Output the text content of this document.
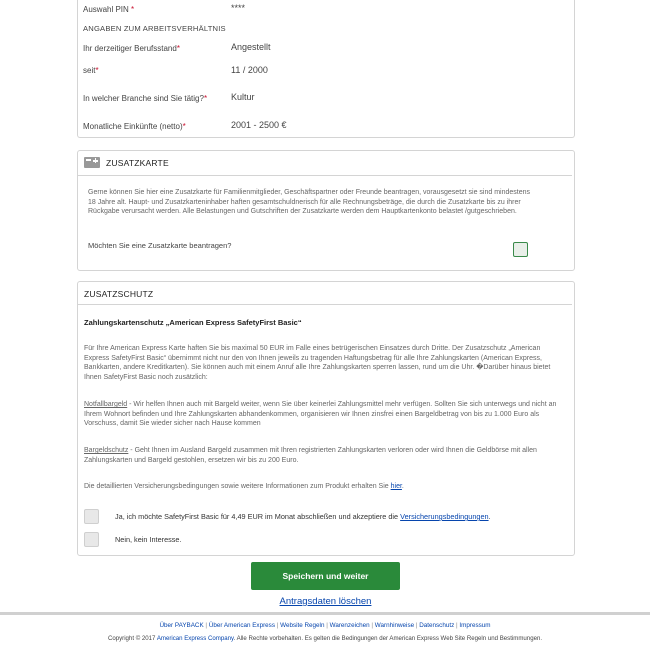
Auswahl PIN *	****
ANGABEN ZUM ARBEITSVERHÄLTNIS
Ihr derzeitiger Berufsstand*	Angestellt
seit*	11 / 2000
In welcher Branche sind Sie tätig?*	Kultur
Monatliche Einkünfte (netto)*	2001 - 2500 €
ZUSATZKARTE
Gerne können Sie hier eine Zusatzkarte für Familienmitglieder, Geschäftspartner oder Freunde beantragen, vorausgesetzt sie sind mindestens 18 Jahre alt. Haupt- und Zusatzkarteninhaber haften gesamtschuldnerisch für alle Rechnungsbeträge, die durch die Zusatzkarte bis zu ihrer Rückgabe verursacht werden. Alle Belastungen und Gutschriften der Zusatzkarte werden dem Hauptkartenkonto belastet /gutgeschrieben.
Möchten Sie eine Zusatzkarte beantragen?
ZUSATZSCHUTZ
Zahlungskartenschutz „American Express SafetyFirst Basic“
Für Ihre American Express Karte haften Sie bis maximal 50 EUR im Falle eines betrügerischen Einsatzes durch Dritte. Der Zusatzschutz „American Express SafetyFirst Basic“ übernimmt nicht nur den von Ihnen jeweils zu tragenden Haftungsbetrag für alle Ihre Zahlungskarten (American Express, Bankkarten, andere Kreditkarten). Sie können auch mit einem Anruf alle Ihre Zahlungskarten sperren lassen, rund um die Uhr. �Darüber hinaus bietet Ihnen SafetyFirst Basic noch zusätzlich:
Notfallbargeld - Wir helfen Ihnen auch mit Bargeld weiter, wenn Sie über keinerlei Zahlungsmittel mehr verfügen. Sollten Sie sich unterwegs und nicht an Ihrem Wohnort befinden und Ihre Zahlungskarten abhandenkommen, organisieren wir Ihnen zinsfrei einen Bargeldbetrag von bis zu 1.000 Euro als Vorschuss, damit Sie wieder sicher nach Hause kommen
Bargeldschutz - Geht Ihnen im Ausland Bargeld zusammen mit Ihren registrierten Zahlungskarten verloren oder wird Ihnen die Geldbörse mit allen Zahlungskarten und Bargeld gestohlen, ersetzen wir bis zu 200 Euro.
Die detaillierten Versicherungsbedingungen sowie weitere Informationen zum Produkt erhalten Sie hier.
Ja, ich möchte SafetyFirst Basic für 4,49 EUR im Monat abschließen und akzeptiere die Versicherungsbedingungen.
Nein, kein Interesse.
Speichern und weiter
Antragsdaten löschen
Über PAYBACK | Über American Express | Website Regeln | Warenzeichen | Warnhinweise | Datenschutz | Impressum
Copyright © 2017 American Express Company. Alle Rechte vorbehalten. Es gelten die Bedingungen der American Express Web Site Regeln und Bestimmungen.
